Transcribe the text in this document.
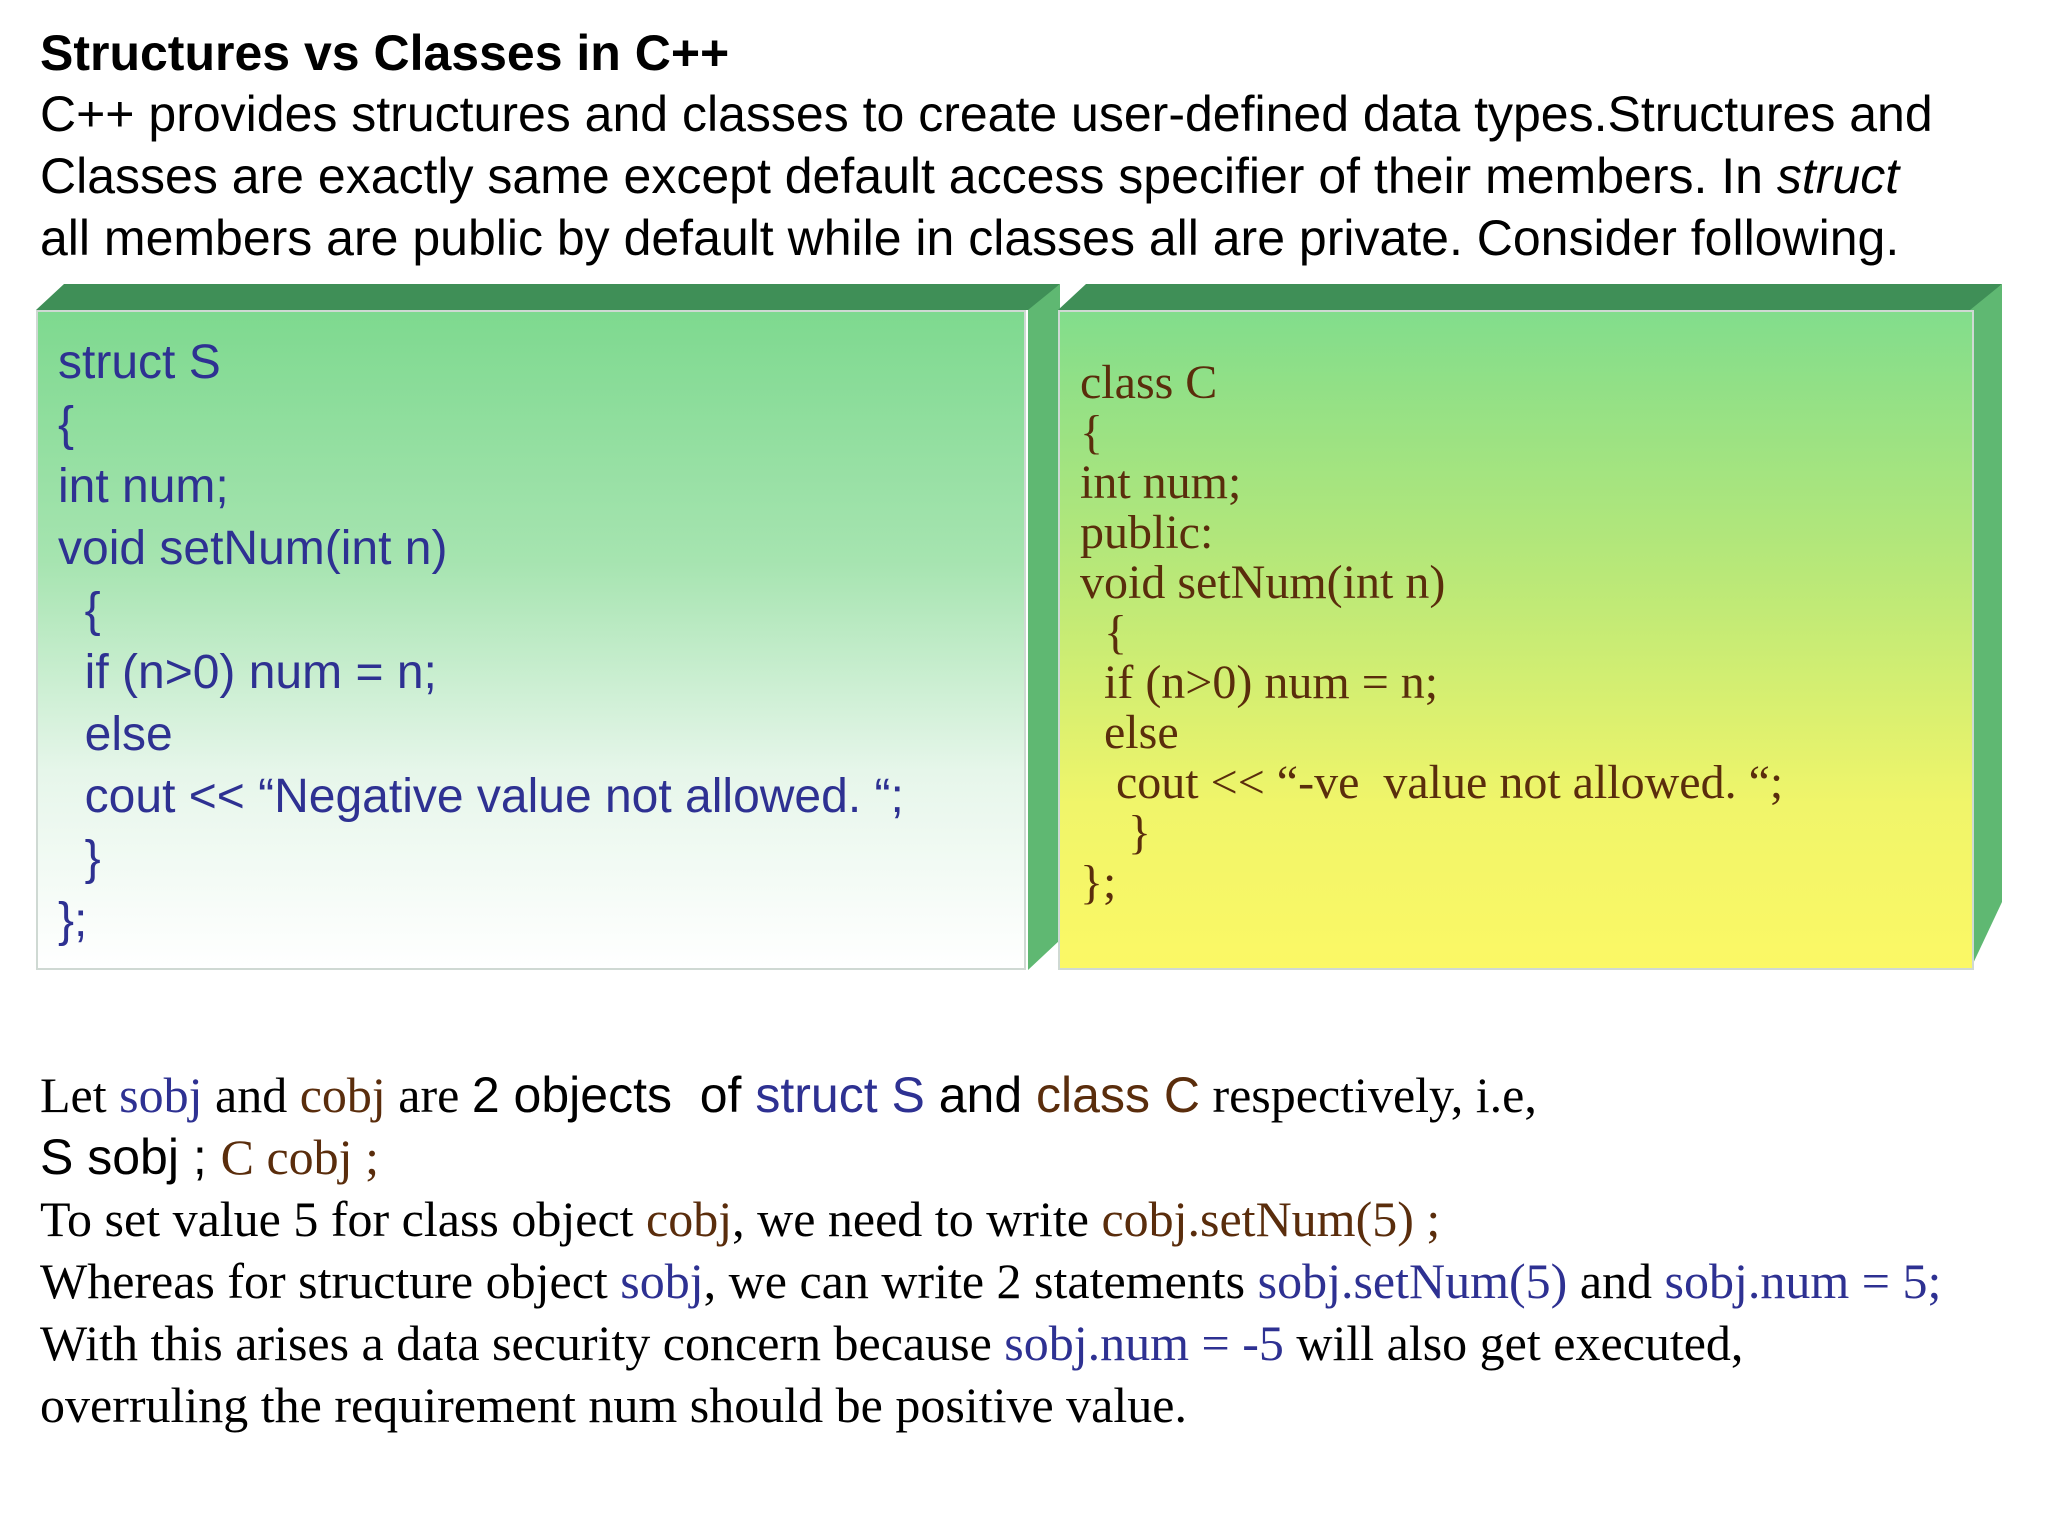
Structures vs Classes in C++
C++ provides structures and classes to create user-defined data types.Structures and
Classes are exactly same except default access specifier of their members. In struct
all members are public by default while in classes all are private. Consider following.
struct S
{
int num;
void setNum(int n)
{
if (n>0) num = n;
else
cout << “Negative value not allowed. “;
}
};
class C
{
int num;
public:
void setNum(int n)
{
if (n>0) num = n;
else
cout << “-ve  value not allowed. “;
}
};
Let sobj and cobj are 2 objects  of struct S and class C respectively, i.e,
S sobj ; C cobj ;
To set value 5 for class object cobj, we need to write cobj.setNum(5) ;
Whereas for structure object sobj, we can write 2 statements sobj.setNum(5) and sobj.num = 5;
With this arises a data security concern because sobj.num = -5 will also get executed,
overruling the requirement num should be positive value.
